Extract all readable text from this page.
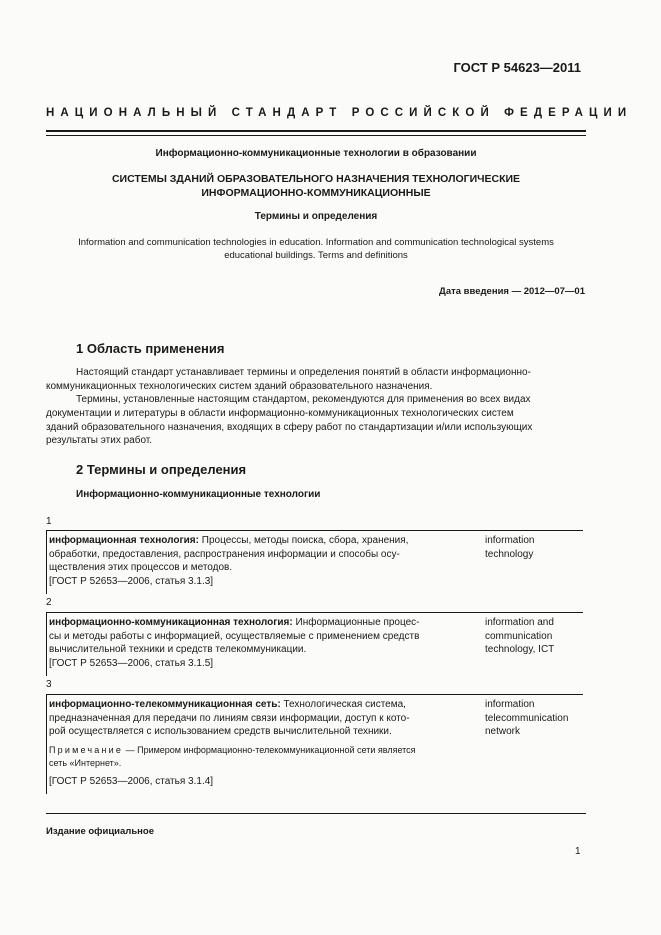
ГОСТ Р 54623—2011
НАЦИОНАЛЬНЫЙ СТАНДАРТ РОССИЙСКОЙ ФЕДЕРАЦИИ
Информационно-коммуникационные технологии в образовании
СИСТЕМЫ ЗДАНИЙ ОБРАЗОВАТЕЛЬНОГО НАЗНАЧЕНИЯ ТЕХНОЛОГИЧЕСКИЕ
ИНФОРМАЦИОННО-КОММУНИКАЦИОННЫЕ
Термины и определения
Information and communication technologies in education. Information and communication technological systems
educational buildings. Terms and definitions
Дата введения — 2012—07—01
1 Область применения
Настоящий стандарт устанавливает термины и определения понятий в области информационно-
коммуникационных технологических систем зданий образовательного назначения.
Термины, установленные настоящим стандартом, рекомендуются для применения во всех видах
документации и литературы в области информационно-коммуникационных технологических систем
зданий образовательного назначения, входящих в сферу работ по стандартизации и/или использующих
результаты этих работ.
2 Термины и определения
Информационно-коммуникационные технологии
1
информационная технология: Процессы, методы поиска, сбора, хранения,
обработки, предоставления, распространения информации и способы осу-
ществления этих процессов и методов.
[ГОСТ Р 52653—2006, статья 3.1.3]
information
technology
2
информационно-коммуникационная технология: Информационные процес-
сы и методы работы с информацией, осуществляемые с применением средств
вычислительной техники и средств телекоммуникации.
[ГОСТ Р 52653—2006, статья 3.1.5]
information and
communication
technology, ICT
3
информационно-телекоммуникационная сеть: Технологическая система,
предназначенная для передачи по линиям связи информации, доступ к кото-
рой осуществляется с использованием средств вычислительной техники.
Примечание — Примером информационно-телекоммуникационной сети является
сеть «Интернет».
[ГОСТ Р 52653—2006, статья 3.1.4]
information
telecommunication
network
Издание официальное
1
